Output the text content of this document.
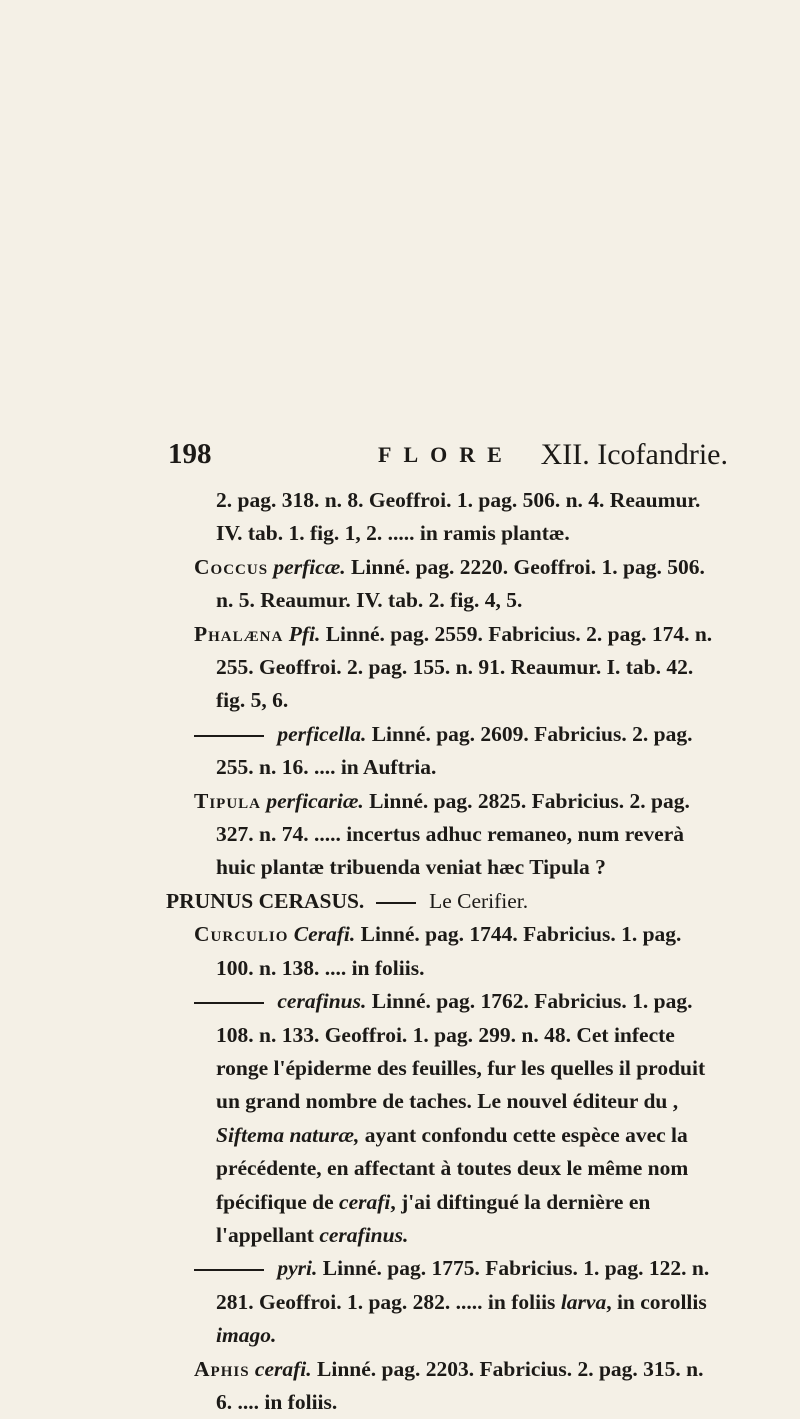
198	FLORE XII. Icofandrie.

2. pag. 318. n. 8. Geoffroi. 1. pag. 506. n. 4. Reaumur. IV. tab. 1. fig. 1, 2. ..... in ramis plantæ.

Coccus perficæ. Linné. pag. 2220. Geoffroi. 1. pag. 506. n. 5. Reaumur. IV. tab. 2. fig. 4, 5.

Phalæna Pfi. Linné. pag. 2559. Fabricius. 2. pag. 174. n. 255. Geoffroi. 2. pag. 155. n. 91. Reaumur. I. tab. 42. fig. 5, 6.

perficella. Linné. pag. 2609. Fabricius. 2. pag. 255. n. 16. .... in Auftria.

Tipula perficariæ. Linné. pag. 2825. Fabricius. 2. pag. 327. n. 74. ..... incertus adhuc remaneo, num reverà huic plantæ tribuenda veniat hæc Tipula ?

PRUNUS CERASUS.	Le Cerifier.

Curculio Cerafi. Linné. pag. 1744. Fabricius. 1. pag. 100. n. 138. .... in foliis.

cerafinus. Linné. pag. 1762. Fabricius. 1. pag. 108. n. 133. Geoffroi. 1. pag. 299. n. 48. Cet infecte ronge l'épiderme des feuilles, fur les quelles il produit un grand nombre de taches. Le nouvel éditeur du , Siftema naturæ, ayant confondu cette espèce avec la précédente, en affectant à toutes deux le même nom fpécifique de cerafi, j'ai diftingué la dernière en l'appellant cerafinus.

pyri. Linné. pag. 1775. Fabricius. 1. pag. 122. n. 281. Geoffroi. 1. pag. 282. ..... in foliis larva, in corollis imago.

Aphis cerafi. Linné. pag. 2203. Fabricius. 2. pag. 315. n. 6. .... in foliis.
